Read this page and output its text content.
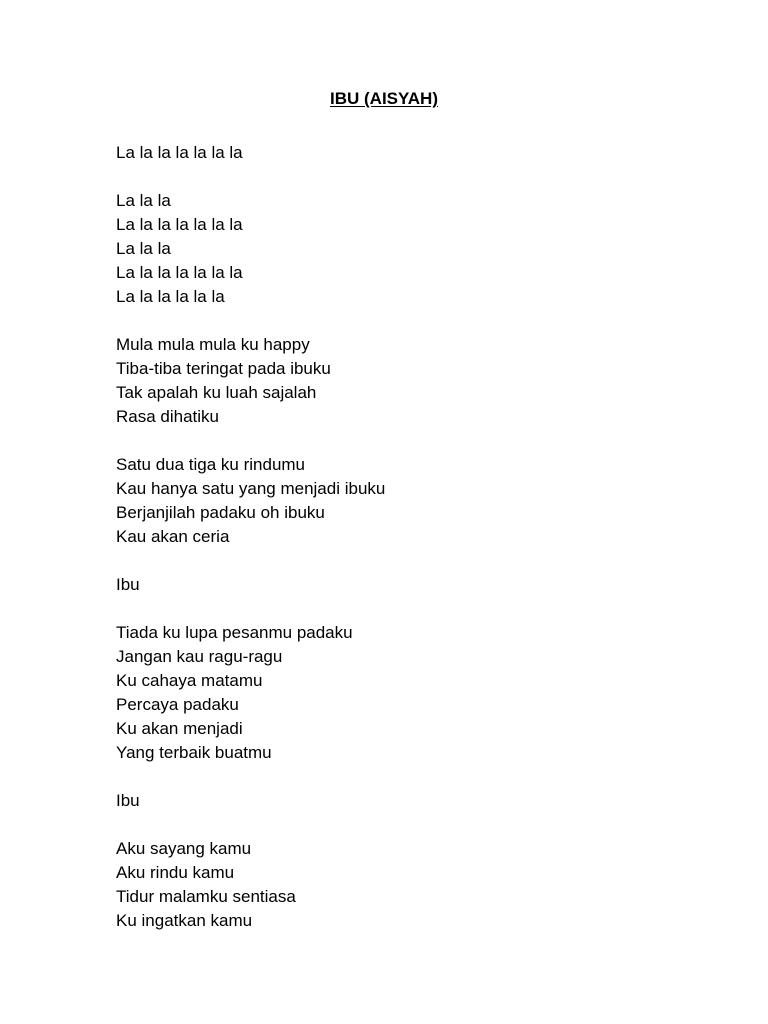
IBU (AISYAH)
La la la la la la la
La la la
La la la la la la la
La la la
La la la la la la la
La la la la la la
Mula mula mula ku happy
Tiba-tiba teringat pada ibuku
Tak apalah ku luah sajalah
Rasa dihatiku
Satu dua tiga ku rindumu
Kau hanya satu yang menjadi ibuku
Berjanjilah padaku oh ibuku
Kau akan ceria
Ibu
Tiada ku lupa pesanmu padaku
Jangan kau ragu-ragu
Ku cahaya matamu
Percaya padaku
Ku akan menjadi
Yang terbaik buatmu
Ibu
Aku sayang kamu
Aku rindu kamu
Tidur malamku sentiasa
Ku ingatkan kamu
